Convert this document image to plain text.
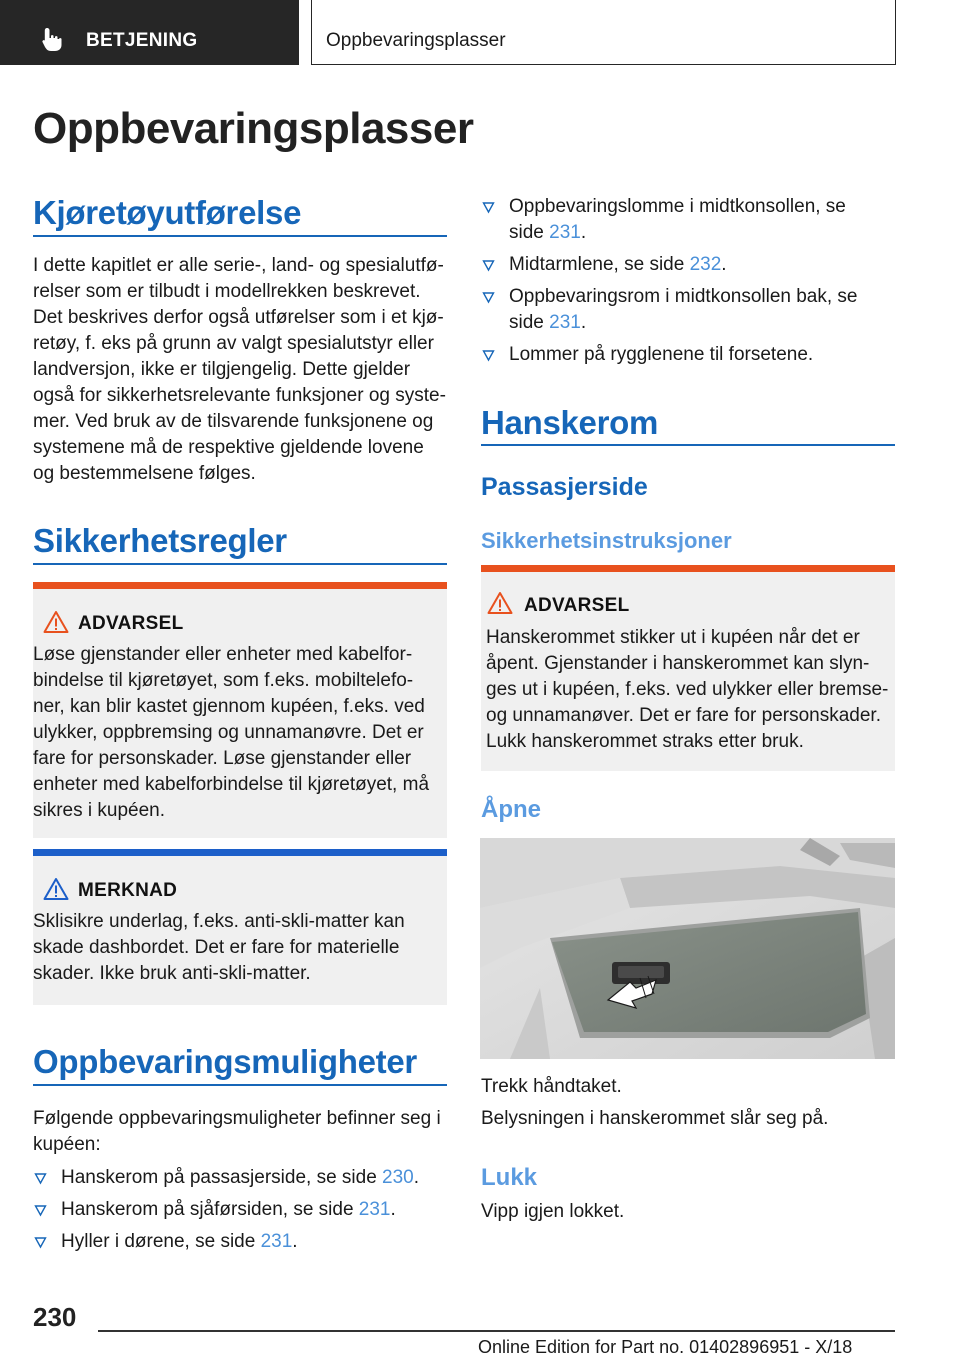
BETJENING	Oppbevaringsplasser
Oppbevaringsplasser
Kjøretøyutførelse
I dette kapitlet er alle serie-, land- og spesialutfø‐
relser som er tilbudt i modellrekken beskrevet.
Det beskrives derfor også utførelser som i et kjø‐
retøy, f. eks på grunn av valgt spesialutstyr eller
landversjon, ikke er tilgjengelig. Dette gjelder
også for sikkerhetsrelevante funksjoner og syste‐
mer. Ved bruk av de tilsvarende funksjonene og
systemene må de respektive gjeldende lovene
og bestemmelsene følges.
Sikkerhetsregler
ADVARSEL
Løse gjenstander eller enheter med kabelfor‐
bindelse til kjøretøyet, som f.eks. mobiltelefo‐
ner, kan blir kastet gjennom kupéen, f.eks. ved
ulykker, oppbremsing og unnamanøvre. Det er
fare for personskader. Løse gjenstander eller
enheter med kabelforbindelse til kjøretøyet, må
sikres i kupéen.
MERKNAD
Sklisikre underlag, f.eks. anti-skli-matter kan
skade dashbordet. Det er fare for materielle
skader. Ikke bruk anti-skli-matter.
Oppbevaringsmuligheter
Følgende oppbevaringsmuligheter befinner seg i
kupéen:
Hanskerom på passasjerside, se side 230.
Hanskerom på sjåførsiden, se side 231.
Hyller i dørene, se side 231.
Oppbevaringslomme i midtkonsollen, se
side 231.
Midtarmlene, se side 232.
Oppbevaringsrom i midtkonsollen bak, se
side 231.
Lommer på rygglenene til forsetene.
Hanskerom
Passasjerside
Sikkerhetsinstruksjoner
ADVARSEL
Hanskerommet stikker ut i kupéen når det er
åpent. Gjenstander i hanskerommet kan slyn‐
ges ut i kupéen, f.eks. ved ulykker eller bremse‐
og unnamanøver. Det er fare for personskader.
Lukk hanskerommet straks etter bruk.
Åpne
Trekk håndtaket.
Belysningen i hanskerommet slår seg på.
Lukk
Vipp igjen lokket.
230
Online Edition for Part no. 01402896951 - X/18
